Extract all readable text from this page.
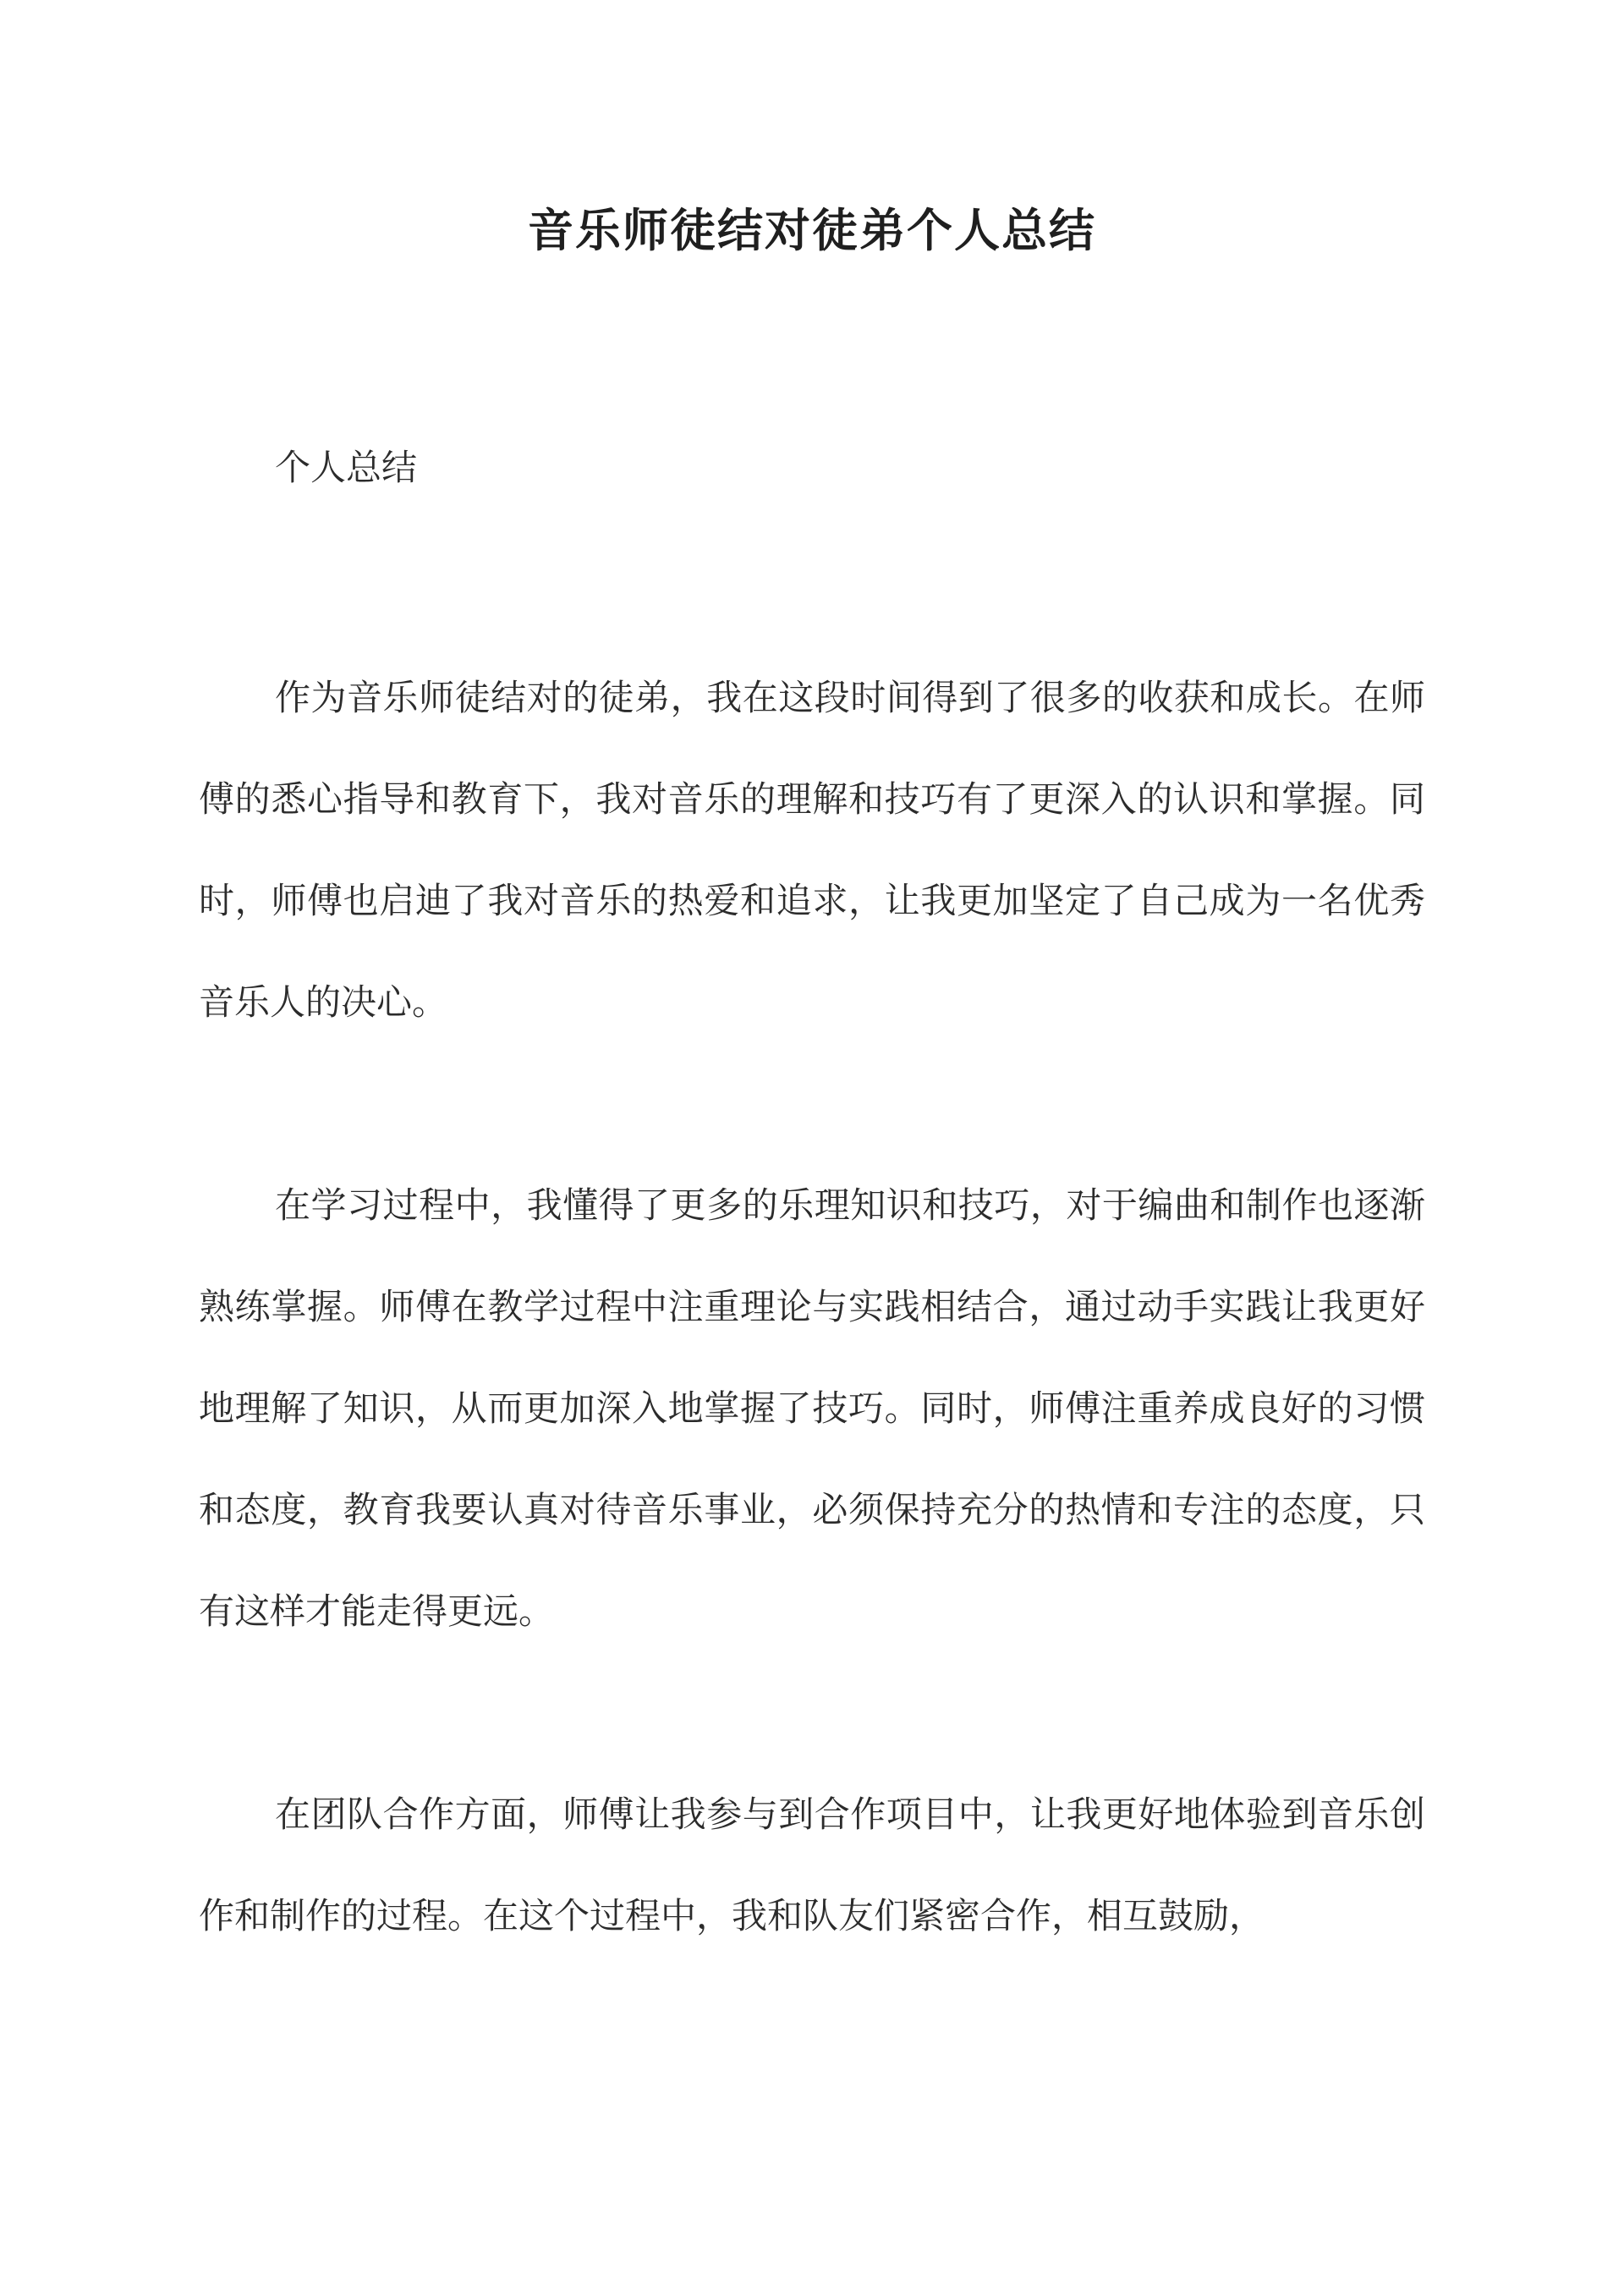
音乐师徒结对徒弟个人总结
个人总结

作为音乐师徒结对的徒弟，我在这段时间得到了很多的收获和成长。在师傅的悉心指导和教育下，我对音乐的理解和技巧有了更深入的认识和掌握。同时，师傅也启迪了我对音乐的热爱和追求，让我更加坚定了自己成为一名优秀音乐人的决心。

在学习过程中，我懂得了更多的乐理知识和技巧，对于编曲和制作也逐渐熟练掌握。师傅在教学过程中注重理论与实践相结合，通过动手实践让我更好地理解了知识，从而更加深入地掌握了技巧。同时，师傅注重养成良好的习惯和态度，教育我要认真对待音乐事业，必须保持充分的热情和专注的态度，只有这样才能走得更远。

在团队合作方面，师傅让我参与到合作项目中，让我更好地体验到音乐创作和制作的过程。在这个过程中，我和队友们紧密合作，相互鼓励，
